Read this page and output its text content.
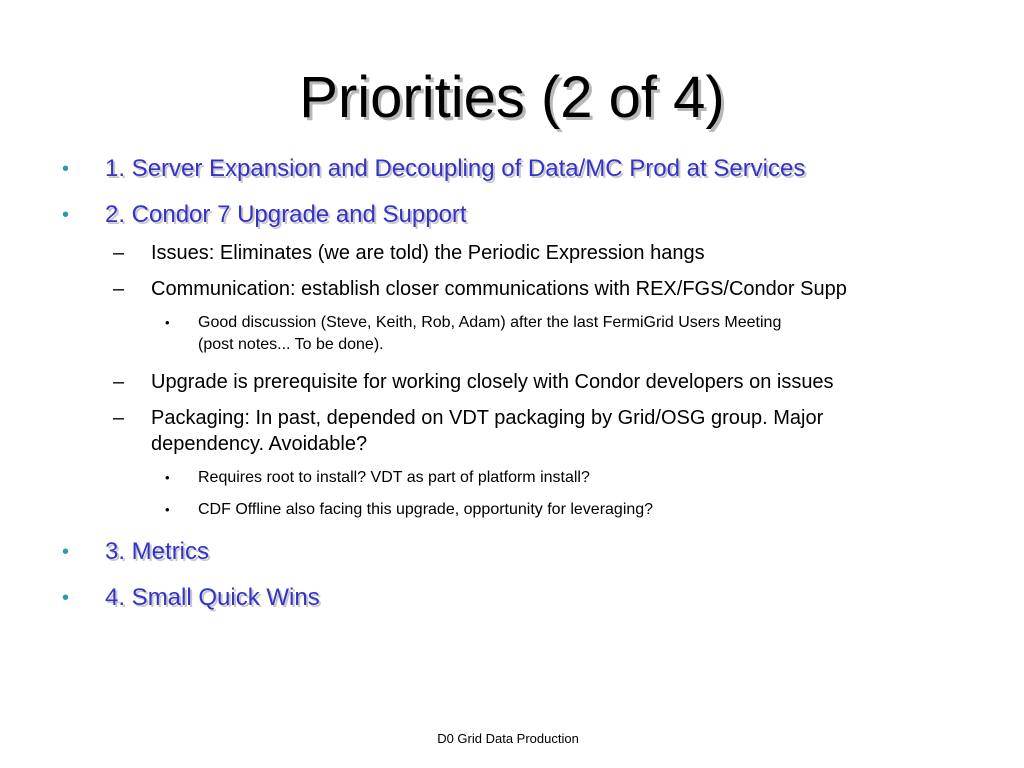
Priorities (2 of 4)
• 1. Server Expansion and Decoupling of Data/MC Prod at Services
• 2. Condor 7 Upgrade and Support
– Issues: Eliminates (we are told) the Periodic Expression hangs
– Communication: establish closer communications with REX/FGS/Condor Supp
• Good discussion (Steve, Keith, Rob, Adam) after the last FermiGrid Users Meeting
(post notes... To be done).
– Upgrade is prerequisite for working closely with Condor developers on issues
– Packaging: In past, depended on VDT packaging by Grid/OSG group. Major
dependency. Avoidable?
• Requires root to install? VDT as part of platform install?
• CDF Offline also facing this upgrade, opportunity for leveraging?
• 3. Metrics
• 4. Small Quick Wins
D0 Grid Data Production
